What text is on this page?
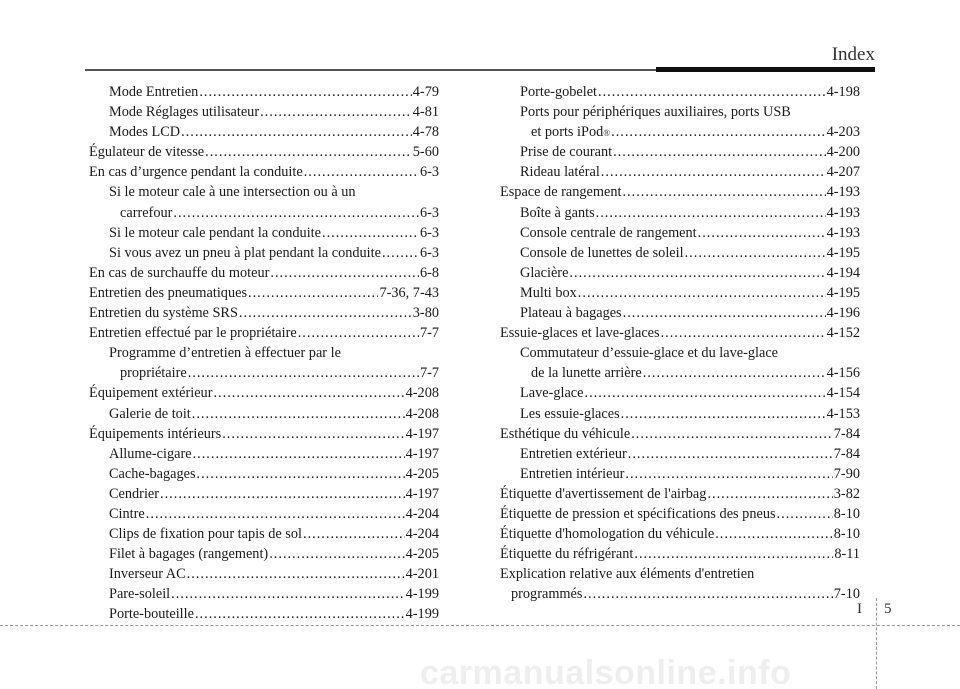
Index
Mode Entretien .....	4-79
Mode Réglages utilisateur .....	4-81
Modes LCD .....	4-78
Égulateur de vitesse .....	5-60
En cas d’urgence pendant la conduite .....	6-3
Si le moteur cale à une intersection ou à un
carrefour .....	6-3
Si le moteur cale pendant la conduite .....	6-3
Si vous avez un pneu à plat pendant la conduite .....	6-3
En cas de surchauffe du moteur .....	6-8
Entretien des pneumatiques .....	7-36, 7-43
Entretien du système SRS .....	3-80
Entretien effectué par le propriétaire .....	7-7
Programme d’entretien à effectuer par le
propriétaire .....	7-7
Équipement extérieur .....	4-208
Galerie de toit .....	4-208
Équipements intérieurs .....	4-197
Allume-cigare .....	4-197
Cache-bagages .....	4-205
Cendrier .....	4-197
Cintre .....	4-204
Clips de fixation pour tapis de sol .....	4-204
Filet à bagages (rangement) .....	4-205
Inverseur AC .....	4-201
Pare-soleil .....	4-199
Porte-bouteille .....	4-199
Porte-gobelet .....	4-198
Ports pour périphériques auxiliaires, ports USB
et ports iPod ® .....	4-203
Prise de courant .....	4-200
Rideau latéral .....	4-207
Espace de rangement .....	4-193
Boîte à gants .....	4-193
Console centrale de rangement .....	4-193
Console de lunettes de soleil .....	4-195
Glacière .....	4-194
Multi box .....	4-195
Plateau à bagages .....	4-196
Essuie-glaces et lave-glaces .....	4-152
Commutateur d’essuie-glace et du lave-glace
de la lunette arrière .....	4-156
Lave-glace .....	4-154
Les essuie-glaces .....	4-153
Esthétique du véhicule .....	7-84
Entretien extérieur .....	7-84
Entretien intérieur .....	7-90
Étiquette d'avertissement de l'airbag .....	3-82
Étiquette de pression et spécifications des pneus .....	8-10
Étiquette d'homologation du véhicule .....	8-10
Étiquette du réfrigérant .....	8-11
Explication relative aux éléments d'entretien
programmés .....	7-10
I 5
carmanualsonline.info
